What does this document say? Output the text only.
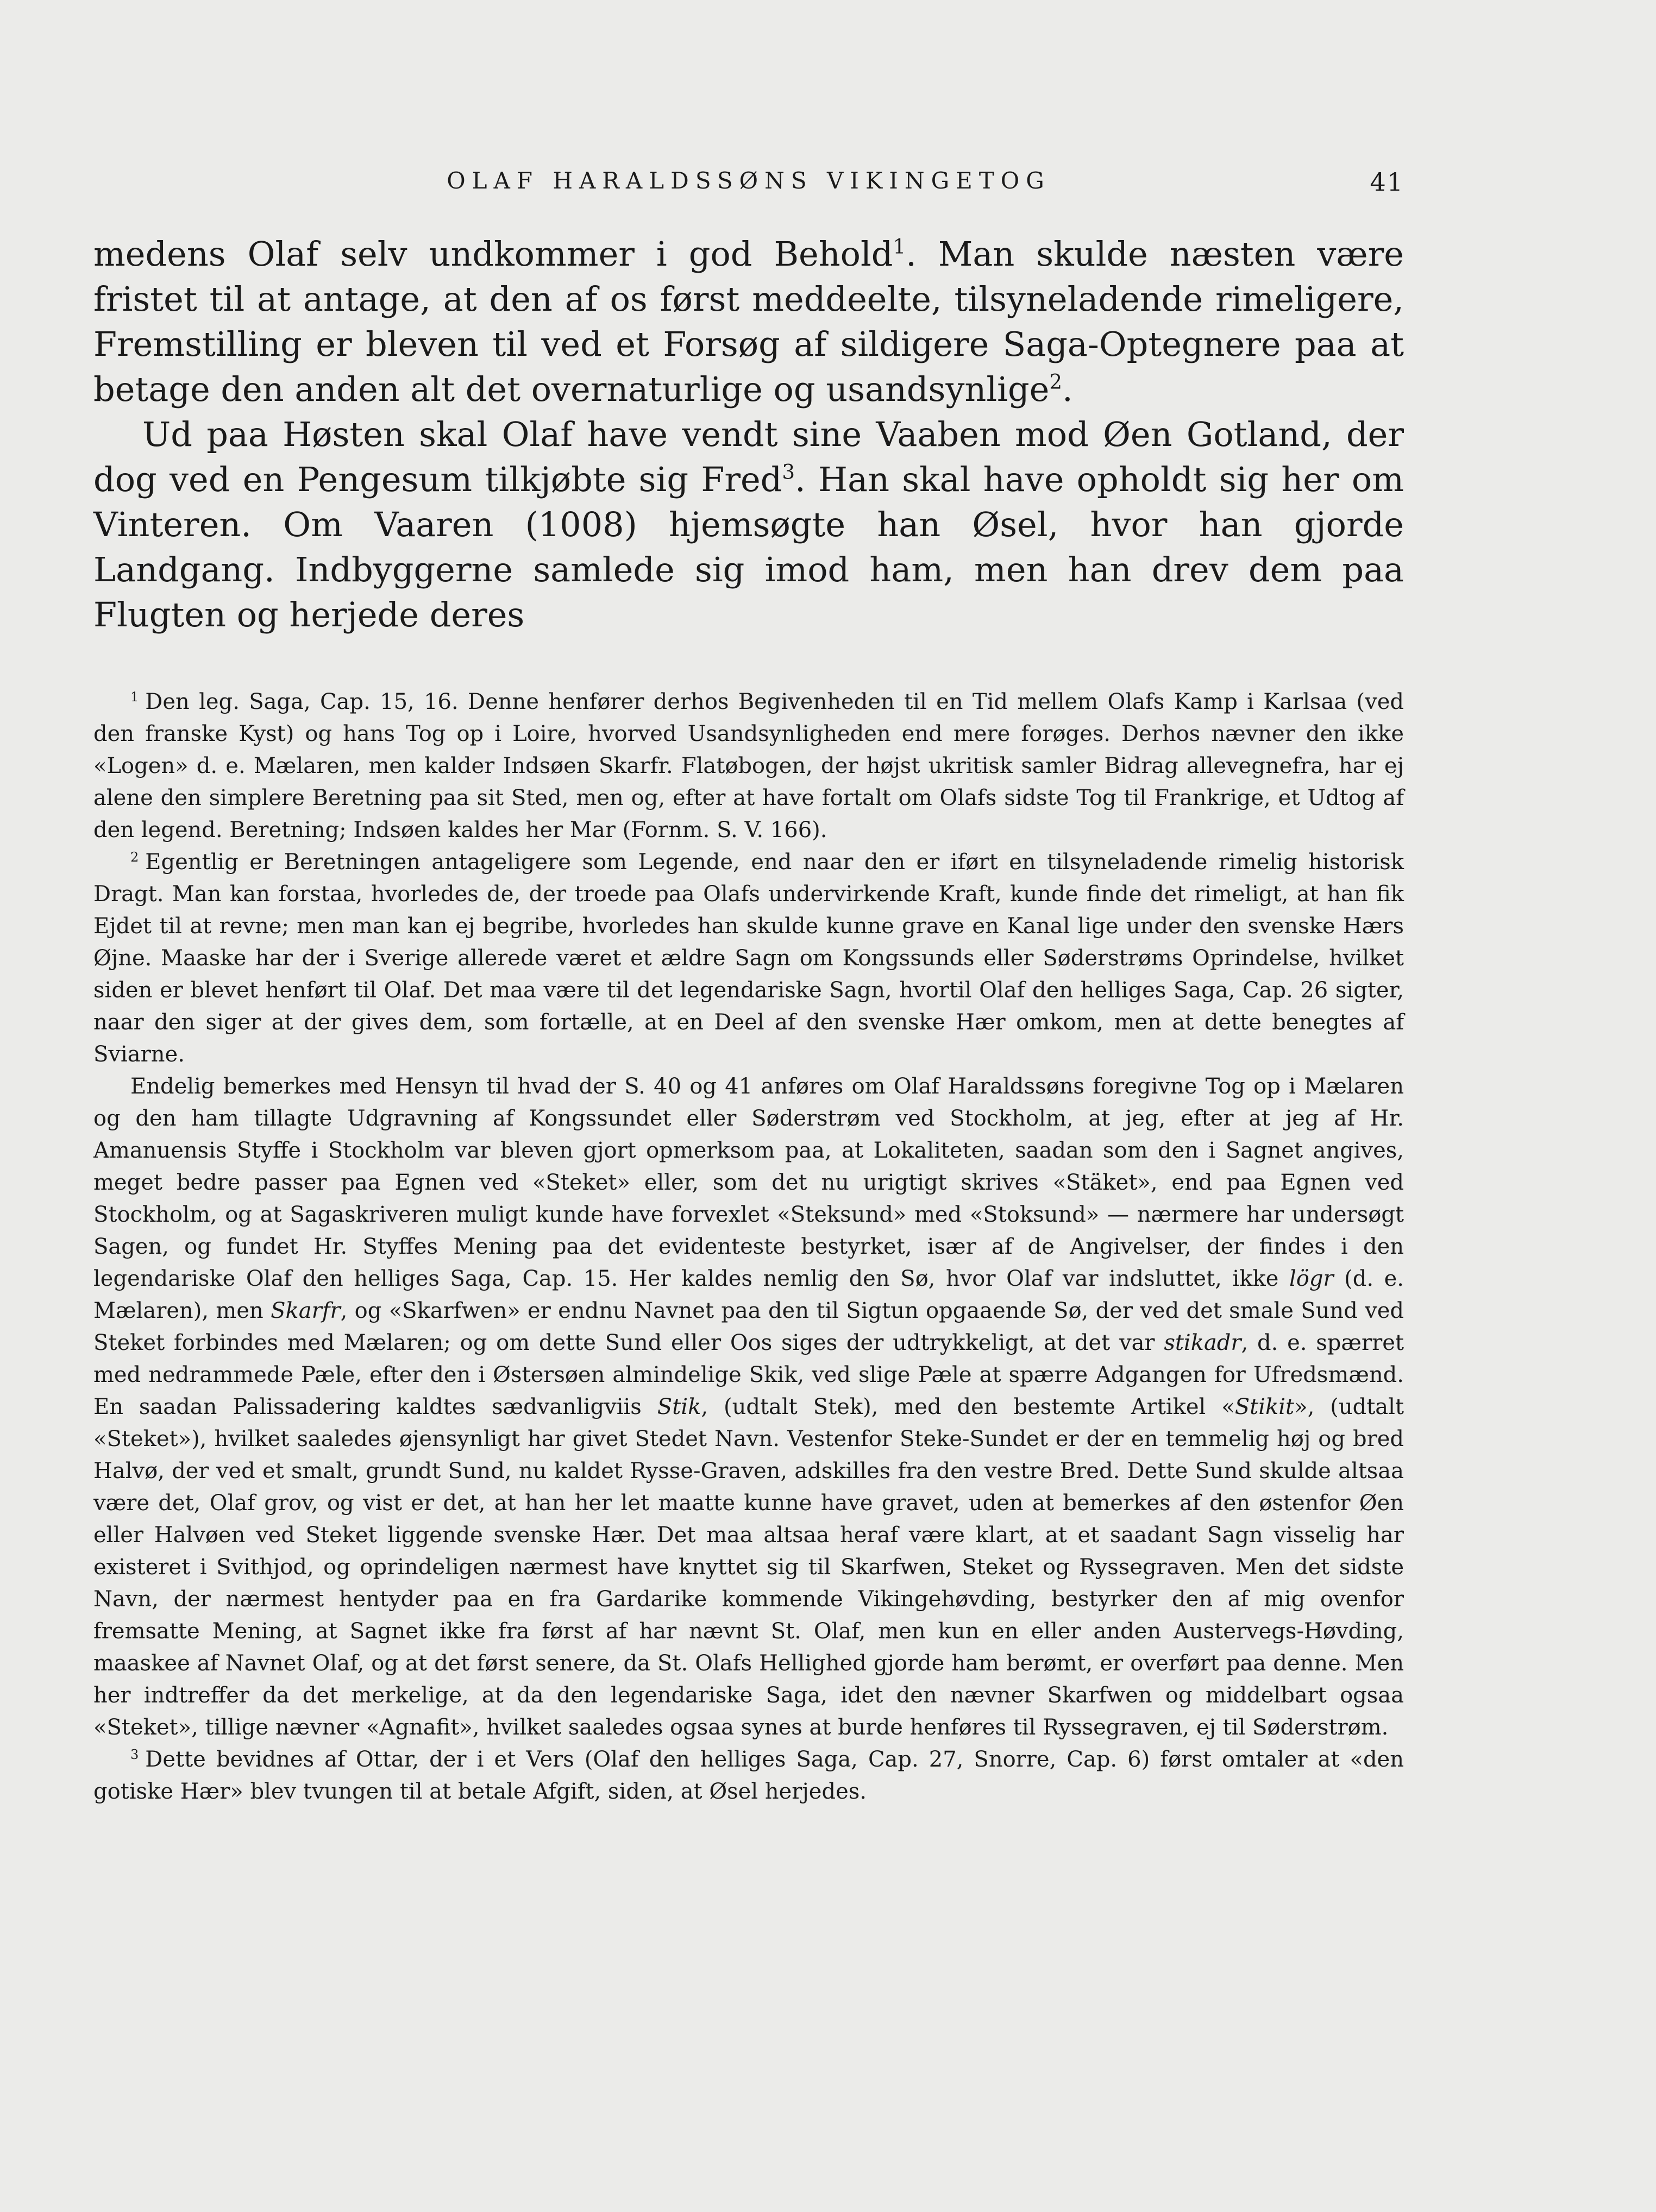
OLAF HARALDSSØNS VIKINGETOG	41

medens Olaf selv undkommer i god Behold$^1$. Man skulde næsten være fristet til at antage, at den af os først meddeelte, tilsyneladende rimeligere, Fremstilling er bleven til ved et Forsøg af sildigere Saga-Optegnere paa at betage den anden alt det overnaturlige og usandsynlige$^2$.

Ud paa Høsten skal Olaf have vendt sine Vaaben mod Øen Gotland, der dog ved en Pengesum tilkjøbte sig Fred$^3$. Han skal have opholdt sig her om Vinteren. Om Vaaren (1008) hjemsøgte han Øsel, hvor han gjorde Landgang. Indbyggerne samlede sig imod ham, men han drev dem paa Flugten og herjede deres

$^1$ Den leg. Saga, Cap. 15, 16. Denne henfører derhos Begivenheden til en Tid mellem Olafs Kamp i Karlsaa (ved den franske Kyst) og hans Tog op i Loire, hvorved Usandsynligheden end mere forøges. Derhos nævner den ikke «Logen» d. e. Mælaren, men kalder Indsøen Skarfr. Flatøbogen, der højst ukritisk samler Bidrag allevegnefra, har ej alene den simplere Beretning paa sit Sted, men og, efter at have fortalt om Olafs sidste Tog til Frankrige, et Udtog af den legend. Beretning; Indsøen kaldes her Mar (Fornm. S. V. 166).

$^2$ Egentlig er Beretningen antageligere som Legende, end naar den er iført en tilsyneladende rimelig historisk Dragt. Man kan forstaa, hvorledes de, der troede paa Olafs undervirkende Kraft, kunde finde det rimeligt, at han fik Ejdet til at revne; men man kan ej begribe, hvorledes han skulde kunne grave en Kanal lige under den svenske Hærs Øjne. Maaske har der i Sverige allerede været et ældre Sagn om Kongssunds eller Søderstrøms Oprindelse, hvilket siden er blevet henført til Olaf. Det maa være til det legendariske Sagn, hvortil Olaf den helliges Saga, Cap. 26 sigter, naar den siger at der gives dem, som fortælle, at en Deel af den svenske Hær omkom, men at dette benegtes af Sviarne.

Endelig bemerkes med Hensyn til hvad der S. 40 og 41 anføres om Olaf Haraldssøns foregivne Tog op i Mælaren og den ham tillagte Udgravning af Kongssundet eller Søderstrøm ved Stockholm, at jeg, efter at jeg af Hr. Amanuensis Styffe i Stockholm var bleven gjort opmerksom paa, at Lokaliteten, saadan som den i Sagnet angives, meget bedre passer paa Egnen ved «Steket» eller, som det nu urigtigt skrives «Stäket», end paa Egnen ved Stockholm, og at Sagaskriveren muligt kunde have forvexlet «Steksund» med «Stoksund» — nærmere har undersøgt Sagen, og fundet Hr. Styffes Mening paa det evidenteste bestyrket, især af de Angivelser, der findes i den legendariske Olaf den helliges Saga, Cap. 15. Her kaldes nemlig den Sø, hvor Olaf var indsluttet, ikke lögr (d. e. Mælaren), men Skarfr, og «Skarfwen» er endnu Navnet paa den til Sigtun opgaaende Sø, der ved det smale Sund ved Steket forbindes med Mælaren; og om dette Sund eller Oos siges der udtrykkeligt, at det var stikadr, d. e. spærret med nedrammede Pæle, efter den i Østersøen almindelige Skik, ved slige Pæle at spærre Adgangen for Ufredsmænd. En saadan Palissadering kaldtes sædvanligviis Stik, (udtalt Stek), med den bestemte Artikel «Stikit», (udtalt «Steket»), hvilket saaledes øjensynligt har givet Stedet Navn. Vestenfor Steke-Sundet er der en temmelig høj og bred Halvø, der ved et smalt, grundt Sund, nu kaldet Rysse-Graven, adskilles fra den vestre Bred. Dette Sund skulde altsaa være det, Olaf grov, og vist er det, at han her let maatte kunne have gravet, uden at bemerkes af den østenfor Øen eller Halvøen ved Steket liggende svenske Hær. Det maa altsaa heraf være klart, at et saadant Sagn visselig har existeret i Svithjod, og oprindeligen nærmest have knyttet sig til Skarfwen, Steket og Ryssegraven. Men det sidste Navn, der nærmest hentyder paa en fra Gardarike kommende Vikingehøvding, bestyrker den af mig ovenfor fremsatte Mening, at Sagnet ikke fra først af har nævnt St. Olaf, men kun en eller anden Austervegs-Høvding, maaskee af Navnet Olaf, og at det først senere, da St. Olafs Hellighed gjorde ham berømt, er overført paa denne. Men her indtreffer da det merkelige, at da den legendariske Saga, idet den nævner Skarfwen og middelbart ogsaa «Steket», tillige nævner «Agnafit», hvilket saaledes ogsaa synes at burde henføres til Ryssegraven, ej til Søderstrøm.

$^3$ Dette bevidnes af Ottar, der i et Vers (Olaf den helliges Saga, Cap. 27, Snorre, Cap. 6) først omtaler at «den gotiske Hær» blev tvungen til at betale Afgift, siden, at Øsel herjedes.
